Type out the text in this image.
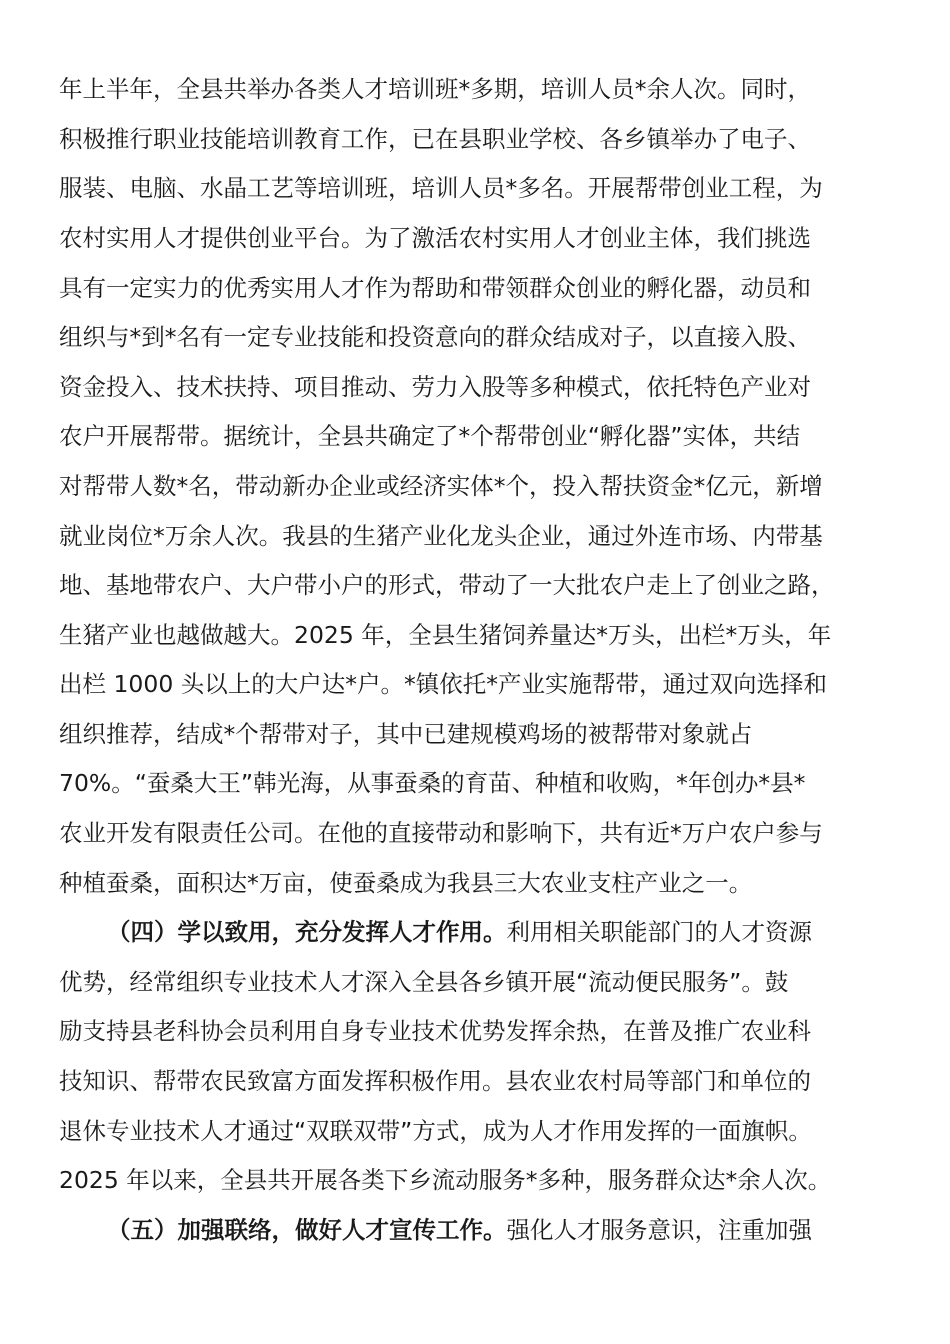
年上半年，全县共举办各类人才培训班*多期，培训人员*余人次。同时，
积极推行职业技能培训教育工作，已在县职业学校、各乡镇举办了电子、
服装、电脑、水晶工艺等培训班，培训人员*多名。开展帮带创业工程，为
农村实用人才提供创业平台。为了激活农村实用人才创业主体，我们挑选
具有一定实力的优秀实用人才作为帮助和带领群众创业的孵化器，动员和
组织与*到*名有一定专业技能和投资意向的群众结成对子，以直接入股、
资金投入、技术扶持、项目推动、劳力入股等多种模式，依托特色产业对
农户开展帮带。据统计，全县共确定了*个帮带创业“孵化器”实体，共结
对帮带人数*名，带动新办企业或经济实体*个，投入帮扶资金*亿元，新增
就业岗位*万余人次。我县的生猪产业化龙头企业，通过外连市场、内带基
地、基地带农户、大户带小户的形式，带动了一大批农户走上了创业之路，
生猪产业也越做越大。2025 年，全县生猪饲养量达*万头，出栏*万头，年
出栏 1000 头以上的大户达*户。*镇依托*产业实施帮带，通过双向选择和
组织推荐，结成*个帮带对子，其中已建规模鸡场的被帮带对象就占
70%。“蚕桑大王”韩光海，从事蚕桑的育苗、种植和收购，*年创办*县*
农业开发有限责任公司。在他的直接带动和影响下，共有近*万户农户参与
种植蚕桑，面积达*万亩，使蚕桑成为我县三大农业支柱产业之一。
（四）学以致用，充分发挥人才作用。利用相关职能部门的人才资源
优势，经常组织专业技术人才深入全县各乡镇开展“流动便民服务”。鼓
励支持县老科协会员利用自身专业技术优势发挥余热，在普及推广农业科
技知识、帮带农民致富方面发挥积极作用。县农业农村局等部门和单位的
退休专业技术人才通过“双联双带”方式，成为人才作用发挥的一面旗帜。
2025 年以来，全县共开展各类下乡流动服务*多种，服务群众达*余人次。
（五）加强联络，做好人才宣传工作。强化人才服务意识，注重加强
